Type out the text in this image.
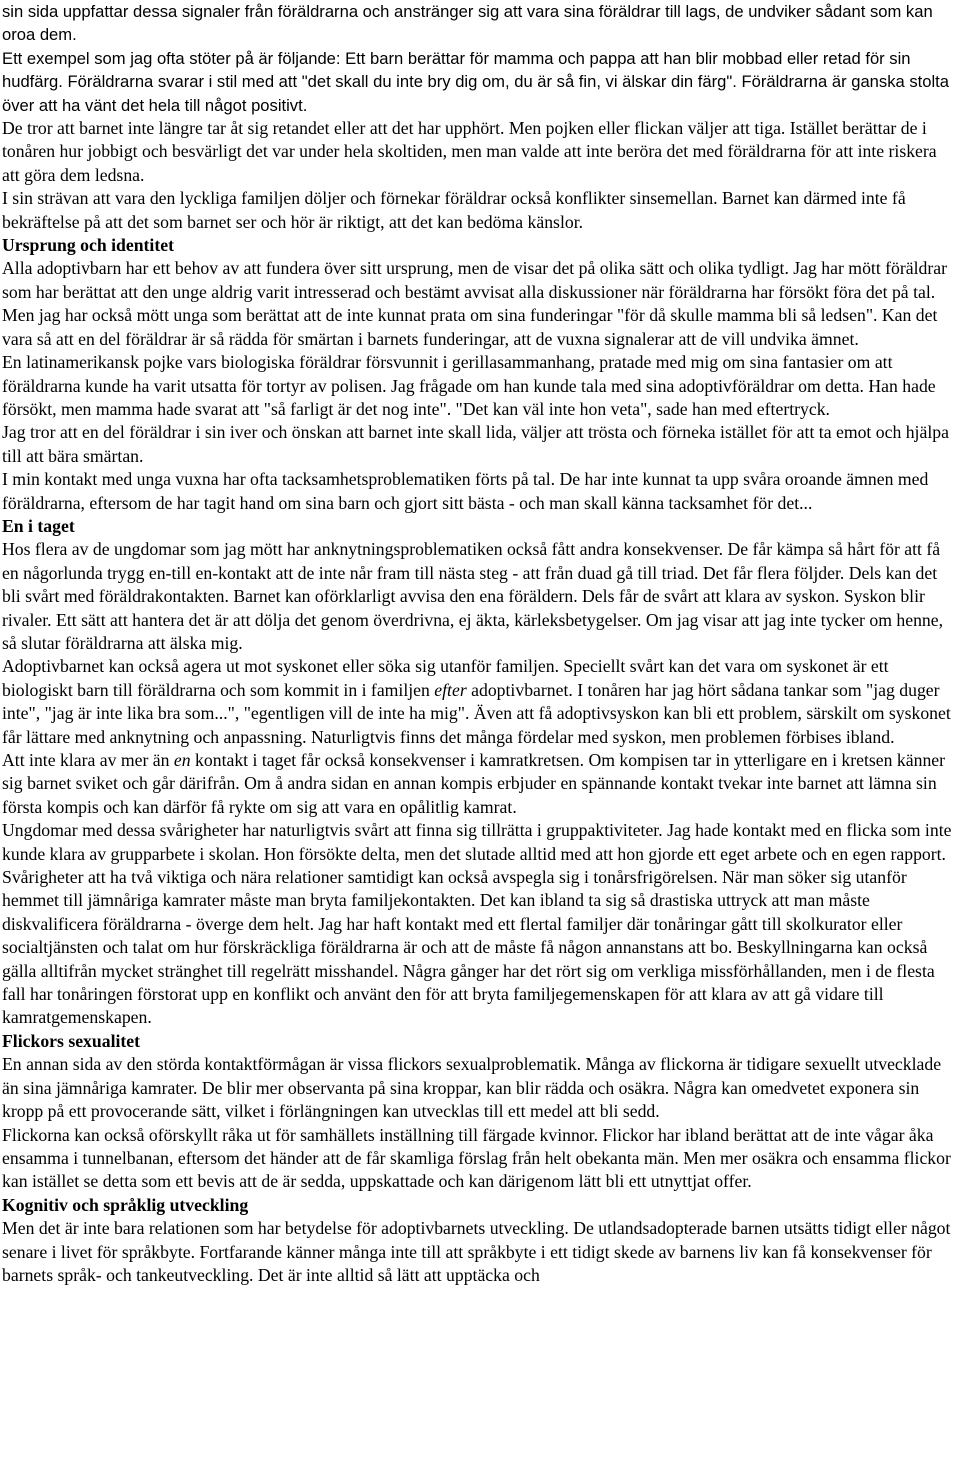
sin sida uppfattar dessa signaler från föräldrarna och anstränger sig att vara sina föräldrar till lags, de undviker sådant som kan oroa dem.

Ett exempel som jag ofta stöter på är följande: Ett barn berättar för mamma och pappa att han blir mobbad eller retad för sin hudfärg. Föräldrarna svarar i stil med att "det skall du inte bry dig om, du är så fin, vi älskar din färg". Föräldrarna är ganska stolta över att ha vänt det hela till något positivt.

De tror att barnet inte längre tar åt sig retandet eller att det har upphört. Men pojken eller flickan väljer att tiga. Istället berättar de i tonåren hur jobbigt och besvärligt det var under hela skoltiden, men man valde att inte beröra det med föräldrarna för att inte riskera att göra dem ledsna.

I sin strävan att vara den lyckliga familjen döljer och förnekar föräldrar också konflikter sinsemellan. Barnet kan därmed inte få bekräftelse på att det som barnet ser och hör är riktigt, att det kan bedöma känslor.

Ursprung och identitet

Alla adoptivbarn har ett behov av att fundera över sitt ursprung, men de visar det på olika sätt och olika tydligt. Jag har mött föräldrar som har berättat att den unge aldrig varit intresserad och bestämt avvisat alla diskussioner när föräldrarna har försökt föra det på tal. Men jag har också mött unga som berättat att de inte kunnat prata om sina funderingar "för då skulle mamma bli så ledsen". Kan det vara så att en del föräldrar är så rädda för smärtan i barnets funderingar, att de vuxna signalerar att de vill undvika ämnet.

En latinamerikansk pojke vars biologiska föräldrar försvunnit i gerillasammanhang, pratade med mig om sina fantasier om att föräldrarna kunde ha varit utsatta för tortyr av polisen. Jag frågade om han kunde tala med sina adoptivföräldrar om detta. Han hade försökt, men mamma hade svarat att "så farligt är det nog inte". "Det kan väl inte hon veta", sade han med eftertryck.

Jag tror att en del föräldrar i sin iver och önskan att barnet inte skall lida, väljer att trösta och förneka istället för att ta emot och hjälpa till att bära smärtan.

I min kontakt med unga vuxna har ofta tacksamhetsproblematiken förts på tal. De har inte kunnat ta upp svåra oroande ämnen med föräldrarna, eftersom de har tagit hand om sina barn och gjort sitt bästa - och man skall känna tacksamhet för det...

En i taget

Hos flera av de ungdomar som jag mött har anknytningsproblematiken också fått andra konsekvenser. De får kämpa så hårt för att få en någorlunda trygg en-till en-kontakt att de inte når fram till nästa steg - att från duad gå till triad. Det får flera följder. Dels kan det bli svårt med föräldrakontakten. Barnet kan oförklarligt avvisa den ena föräldern. Dels får de svårt att klara av syskon. Syskon blir rivaler. Ett sätt att hantera det är att dölja det genom överdrivna, ej äkta, kärleksbetygelser. Om jag visar att jag inte tycker om henne, så slutar föräldrarna att älska mig.

Adoptivbarnet kan också agera ut mot syskonet eller söka sig utanför familjen. Speciellt svårt kan det vara om syskonet är ett biologiskt barn till föräldrarna och som kommit in i familjen efter adoptivbarnet. I tonåren har jag hört sådana tankar som "jag duger inte", "jag är inte lika bra som...", "egentligen vill de inte ha mig". Även att få adoptivsyskon kan bli ett problem, särskilt om syskonet får lättare med anknytning och anpassning. Naturligtvis finns det många fördelar med syskon, men problemen förbises ibland.

Att inte klara av mer än en kontakt i taget får också konsekvenser i kamratkretsen. Om kompisen tar in ytterligare en i kretsen känner sig barnet sviket och går därifrån. Om å andra sidan en annan kompis erbjuder en spännande kontakt tvekar inte barnet att lämna sin första kompis och kan därför få rykte om sig att vara en opålitlig kamrat.

Ungdomar med dessa svårigheter har naturligtvis svårt att finna sig tillrätta i gruppaktiviteter. Jag hade kontakt med en flicka som inte kunde klara av grupparbete i skolan. Hon försökte delta, men det slutade alltid med att hon gjorde ett eget arbete och en egen rapport.

Svårigheter att ha två viktiga och nära relationer samtidigt kan också avspegla sig i tonårsfrigörelsen. När man söker sig utanför hemmet till jämnåriga kamrater måste man bryta familjekontakten. Det kan ibland ta sig så drastiska uttryck att man måste diskvalificera föräldrarna - överge dem helt. Jag har haft kontakt med ett flertal familjer där tonåringar gått till skolkurator eller socialtjänsten och talat om hur förskräckliga föräldrarna är och att de måste få någon annanstans att bo. Beskyllningarna kan också gälla alltifrån mycket stränghet till regelrätt misshandel. Några gånger har det rört sig om verkliga missförhållanden, men i de flesta fall har tonåringen förstorat upp en konflikt och använt den för att bryta familjegemenskapen för att klara av att gå vidare till kamratgemenskapen.

Flickors sexualitet

En annan sida av den störda kontaktförmågan är vissa flickors sexualproblematik. Många av flickorna är tidigare sexuellt utvecklade än sina jämnåriga kamrater. De blir mer observanta på sina kroppar, kan blir rädda och osäkra. Några kan omedvetet exponera sin kropp på ett provocerande sätt, vilket i förlängningen kan utvecklas till ett medel att bli sedd.

Flickorna kan också oförskyllt råka ut för samhällets inställning till färgade kvinnor. Flickor har ibland berättat att de inte vågar åka ensamma i tunnelbanan, eftersom det händer att de får skamliga förslag från helt obekanta män. Men mer osäkra och ensamma flickor kan istället se detta som ett bevis att de är sedda, uppskattade och kan därigenom lätt bli ett utnyttjat offer.

Kognitiv och språklig utveckling

Men det är inte bara relationen som har betydelse för adoptivbarnets utveckling. De utlandsadopterade barnen utsätts tidigt eller något senare i livet för språkbyte. Fortfarande känner många inte till att språkbyte i ett tidigt skede av barnens liv kan få konsekvenser för barnets språk- och tankeutveckling. Det är inte alltid så lätt att upptäcka och
